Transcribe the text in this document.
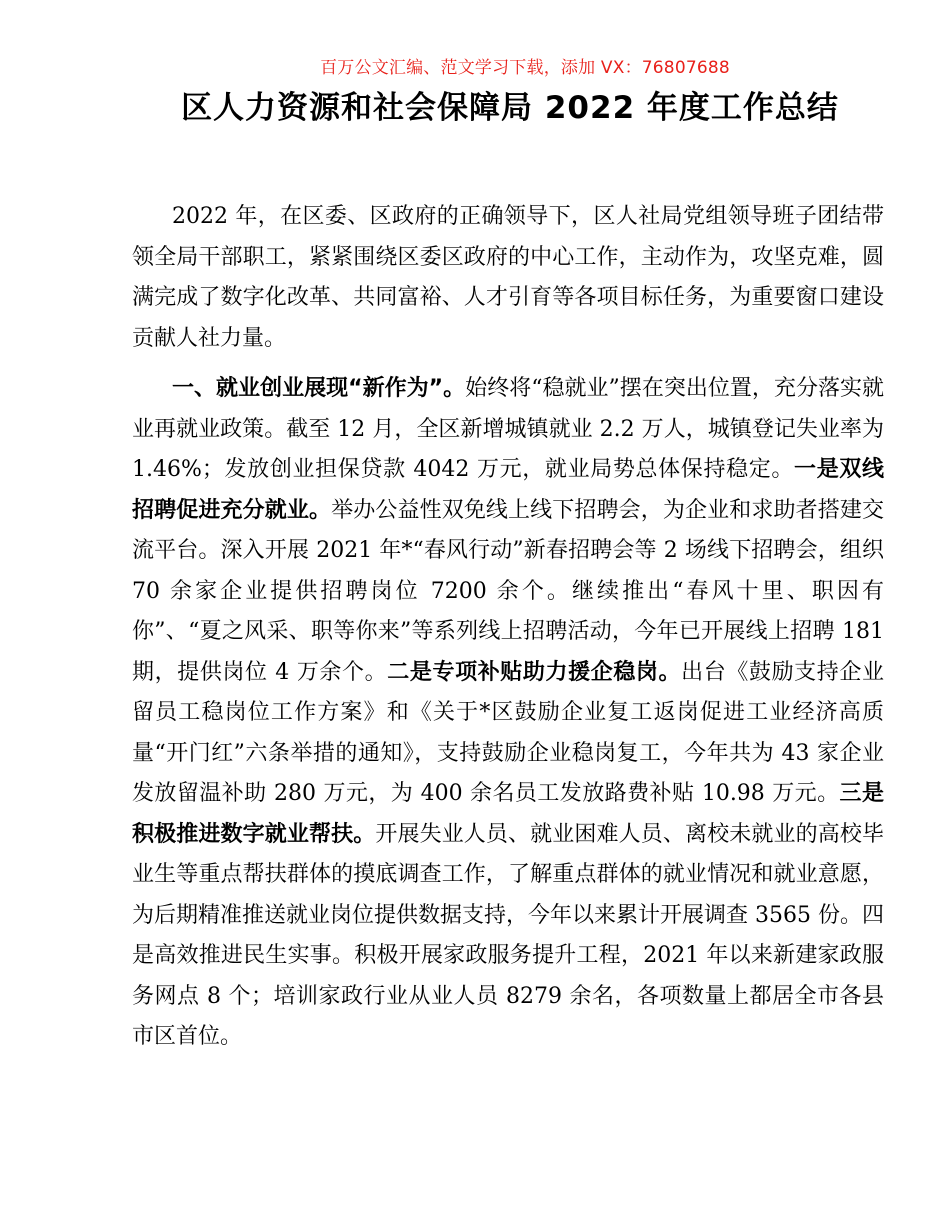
百万公文汇编、范文学习下载，添加 VX：76807688
区人力资源和社会保障局 2022 年度工作总结

2022 年，在区委、区政府的正确领导下，区人社局党组领导班子团结带领全局干部职工，紧紧围绕区委区政府的中心工作，主动作为，攻坚克难，圆满完成了数字化改革、共同富裕、人才引育等各项目标任务，为重要窗口建设贡献人社力量。

一、就业创业展现“新作为”。始终将“稳就业”摆在突出位置，充分落实就业再就业政策。截至 12 月，全区新增城镇就业 2.2 万人，城镇登记失业率为 1.46%；发放创业担保贷款 4042 万元，就业局势总体保持稳定。一是双线招聘促进充分就业。举办公益性双免线上线下招聘会，为企业和求助者搭建交流平台。深入开展 2021 年*“春风行动”新春招聘会等 2 场线下招聘会，组织 70 余家企业提供招聘岗位 7200 余个。继续推出“春风十里、职因有你”、“夏之风采、职等你来”等系列线上招聘活动，今年已开展线上招聘 181 期，提供岗位 4 万余个。二是专项补贴助力援企稳岗。出台《鼓励支持企业留员工稳岗位工作方案》和《关于*区鼓励企业复工返岗促进工业经济高质量“开门红”六条举措的通知》，支持鼓励企业稳岗复工，今年共为 43 家企业发放留温补助 280 万元，为 400 余名员工发放路费补贴 10.98 万元。三是积极推进数字就业帮扶。开展失业人员、就业困难人员、离校未就业的高校毕业生等重点帮扶群体的摸底调查工作，了解重点群体的就业情况和就业意愿，为后期精准推送就业岗位提供数据支持，今年以来累计开展调查 3565 份。四是高效推进民生实事。积极开展家政服务提升工程，2021 年以来新建家政服务网点 8 个；培训家政行业从业人员 8279 余名，各项数量上都居全市各县市区首位。
